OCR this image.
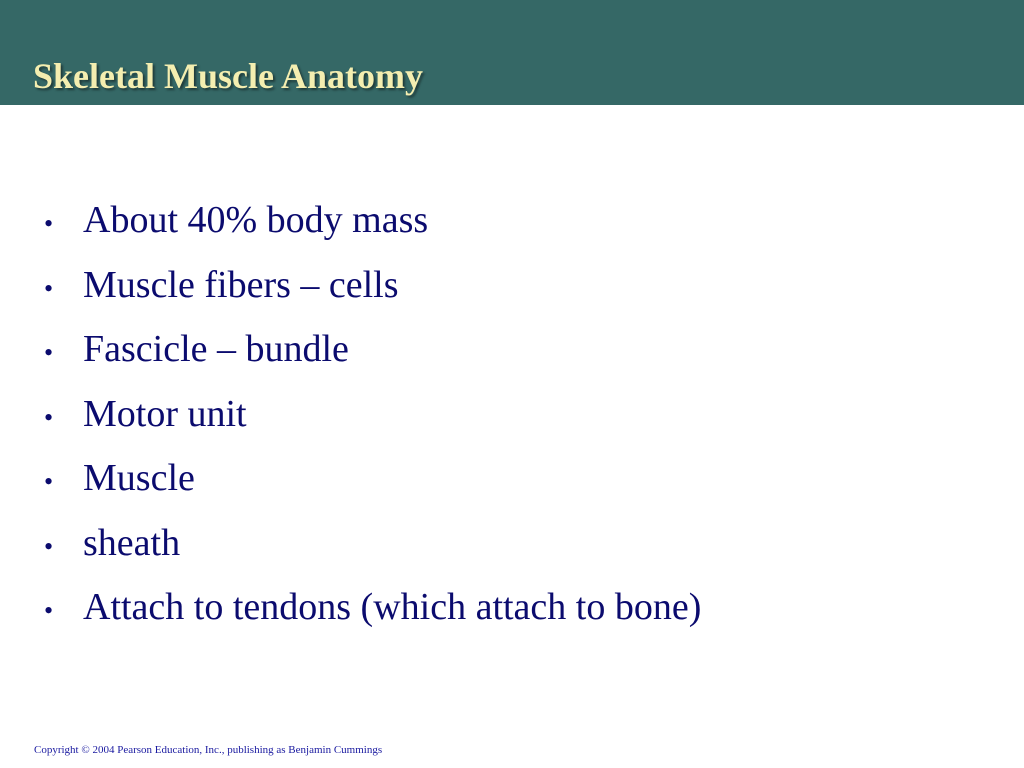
Skeletal Muscle Anatomy
• About 40% body mass
• Muscle fibers – cells
• Fascicle – bundle
• Motor unit
• Muscle
• sheath
• Attach to tendons (which attach to bone)
Copyright © 2004 Pearson Education, Inc., publishing as Benjamin Cummings
